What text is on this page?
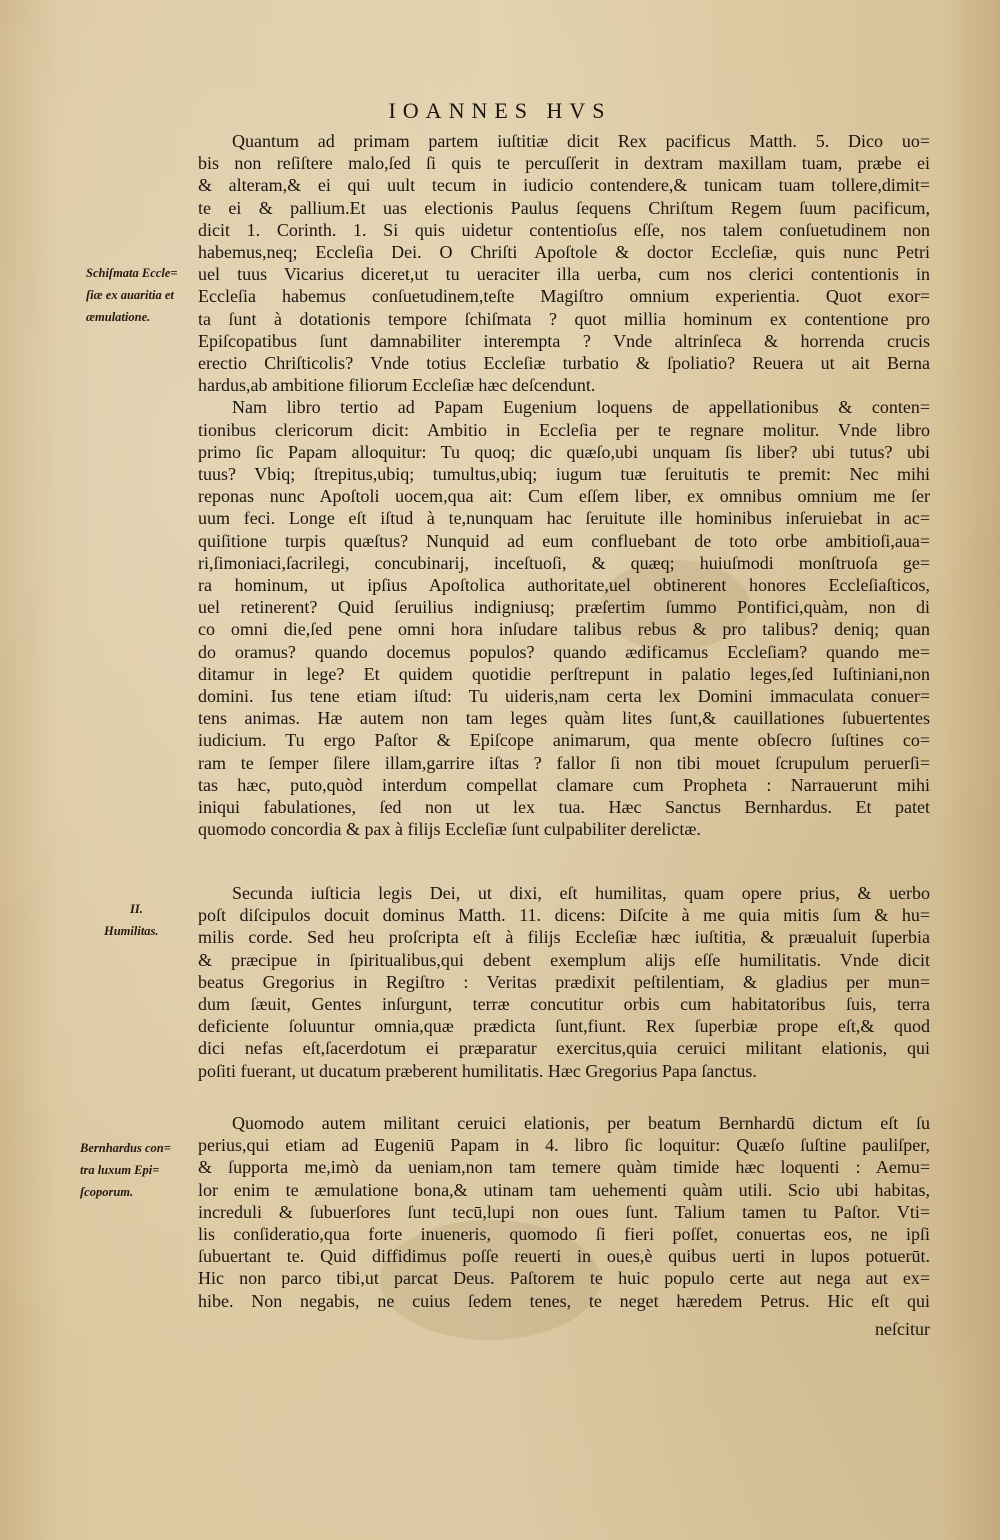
IOANNES HVS
Quantum ad primam partem iuſtitiæ dicit Rex pacificus Matth. 5. Dico uo=
bis non reſiſtere malo,ſed ſi quis te percuſſerit in dextram maxillam tuam, præbe ei
& alteram,& ei qui uult tecum in iudicio contendere,& tunicam tuam tollere,dimit=
te ei & pallium.Et uas electionis Paulus ſequens Chriſtum Regem ſuum pacificum,
dicit 1. Corinth. 1. Si quis uidetur contentioſus eſſe, nos talem conſuetudinem non
habemus,neq; Eccleſia Dei. O Chriſti Apoſtole & doctor Eccleſiæ, quis nunc Petri
uel tuus Vicarius diceret,ut tu ueraciter illa uerba, cum nos clerici contentionis in
Eccleſia habemus conſuetudinem,teſte Magiſtro omnium experientia. Quot exor=
ta ſunt à dotationis tempore ſchiſmata ? quot millia hominum ex contentione pro
Epiſcopatibus ſunt damnabiliter interempta ? Vnde altrinſeca & horrenda crucis
erectio Chriſticolis? Vnde totius Eccleſiæ turbatio & ſpoliatio? Reuera ut ait Berna
hardus,ab ambitione filiorum Eccleſiæ hæc deſcendunt.
Nam libro tertio ad Papam Eugenium loquens de appellationibus & conten=
tionibus clericorum dicit: Ambitio in Eccleſia per te regnare molitur. Vnde libro
primo ſic Papam alloquitur: Tu quoq; dic quæſo,ubi unquam ſis liber? ubi tutus? ubi
tuus? Vbiq; ſtrepitus,ubiq; tumultus,ubiq; iugum tuæ ſeruitutis te premit: Nec mihi
reponas nunc Apoſtoli uocem,qua ait: Cum eſſem liber, ex omnibus omnium me ſer
uum feci. Longe eſt iſtud à te,nunquam hac ſeruitute ille hominibus inſeruiebat in ac=
quiſitione turpis quæſtus? Nunquid ad eum confluebant de toto orbe ambitioſi,aua=
ri,ſimoniaci,ſacrilegi, concubinarij, inceſtuoſi, & quæq; huiuſmodi monſtruoſa ge=
ra hominum, ut ipſius Apoſtolica authoritate,uel obtinerent honores Eccleſiaſticos,
uel retinerent? Quid ſeruilius indigniusq; præſertim ſummo Pontifici,quàm, non di
co omni die,ſed pene omni hora inſudare talibus rebus & pro talibus? deniq; quan
do oramus? quando docemus populos? quando ædificamus Eccleſiam? quando me=
ditamur in lege? Et quidem quotidie perſtrepunt in palatio leges,ſed Iuſtiniani,non
domini. Ius tene etiam iſtud: Tu uideris,nam certa lex Domini immaculata conuer=
tens animas. Hæ autem non tam leges quàm lites ſunt,& cauillationes ſubuertentes
iudicium. Tu ergo Paſtor & Epiſcope animarum, qua mente obſecro ſuſtines co=
ram te ſemper ſilere illam,garrire iſtas ? fallor ſi non tibi mouet ſcrupulum peruerſi=
tas hæc, puto,quòd interdum compellat clamare cum Propheta : Narrauerunt mihi
iniqui fabulationes, ſed non ut lex tua. Hæc Sanctus Bernhardus. Et patet
quomodo concordia & pax à filijs Eccleſiæ ſunt culpabiliter derelictæ.
Secunda iuſticia legis Dei, ut dixi, eſt humilitas, quam opere prius, & uerbo
poſt diſcipulos docuit dominus Matth. 11. dicens: Diſcite à me quia mitis ſum & hu=
milis corde. Sed heu proſcripta eſt à filijs Eccleſiæ hæc iuſtitia, & præualuit ſuperbia
& præcipue in ſpiritualibus,qui debent exemplum alijs eſſe humilitatis. Vnde dicit
beatus Gregorius in Regiſtro : Veritas prædixit peſtilentiam, & gladius per mun=
dum ſæuit, Gentes inſurgunt, terræ concutitur orbis cum habitatoribus ſuis, terra
deficiente ſoluuntur omnia,quæ prædicta ſunt,fiunt. Rex ſuperbiæ prope eſt,& quod
dici nefas eſt,ſacerdotum ei præparatur exercitus,quia ceruici militant elationis, qui
poſiti fuerant, ut ducatum præberent humilitatis. Hæc Gregorius Papa ſanctus.
Quomodo autem militant ceruici elationis, per beatum Bernhardū dictum eſt ſu
perius,qui etiam ad Eugeniū Papam in 4. libro ſic loquitur: Quæſo ſuſtine pauliſper,
& ſupporta me,imò da ueniam,non tam temere quàm timide hæc loquenti : Aemu=
lor enim te æmulatione bona,& utinam tam uehementi quàm utili. Scio ubi habitas,
increduli & ſubuerſores ſunt tecū,lupi non oues ſunt. Talium tamen tu Paſtor. Vti=
lis conſideratio,qua forte inueneris, quomodo ſi fieri poſſet, conuertas eos, ne ipſi
ſubuertant te. Quid diffidimus poſſe reuerti in oues,è quibus uerti in lupos potuerūt.
Hic non parco tibi,ut parcat Deus. Paſtorem te huic populo certe aut nega aut ex=
hibe. Non negabis, ne cuius ſedem tenes, te neget hæredem Petrus. Hic eſt qui
neſcitur
Schiſmata Eccle=
ſiæ ex auaritia et
æmulatione.
II.
Humilitas.
Bernhardus con=
tra luxum Epi=
ſcoporum.
